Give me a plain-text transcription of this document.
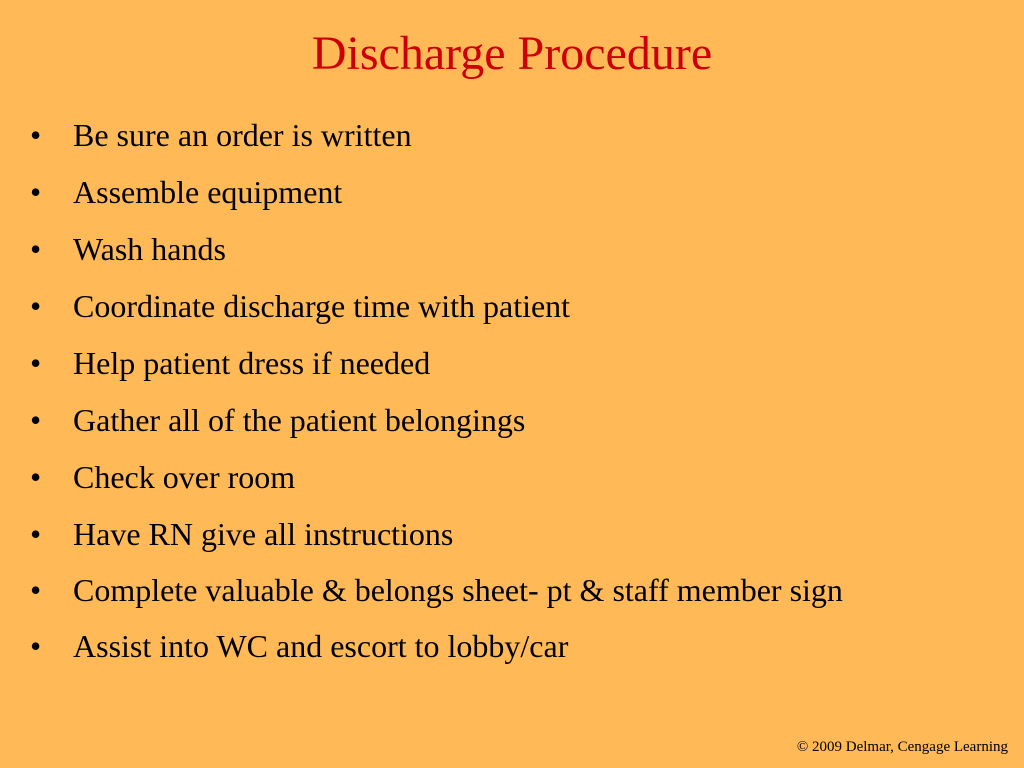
Discharge Procedure
• Be sure an order is written
• Assemble equipment
• Wash hands
• Coordinate discharge time with patient
• Help patient dress if needed
• Gather all of the patient belongings
• Check over room
• Have RN give all instructions
• Complete valuable & belongs sheet- pt & staff member sign
• Assist into WC and escort to lobby/car
© 2009 Delmar, Cengage Learning
